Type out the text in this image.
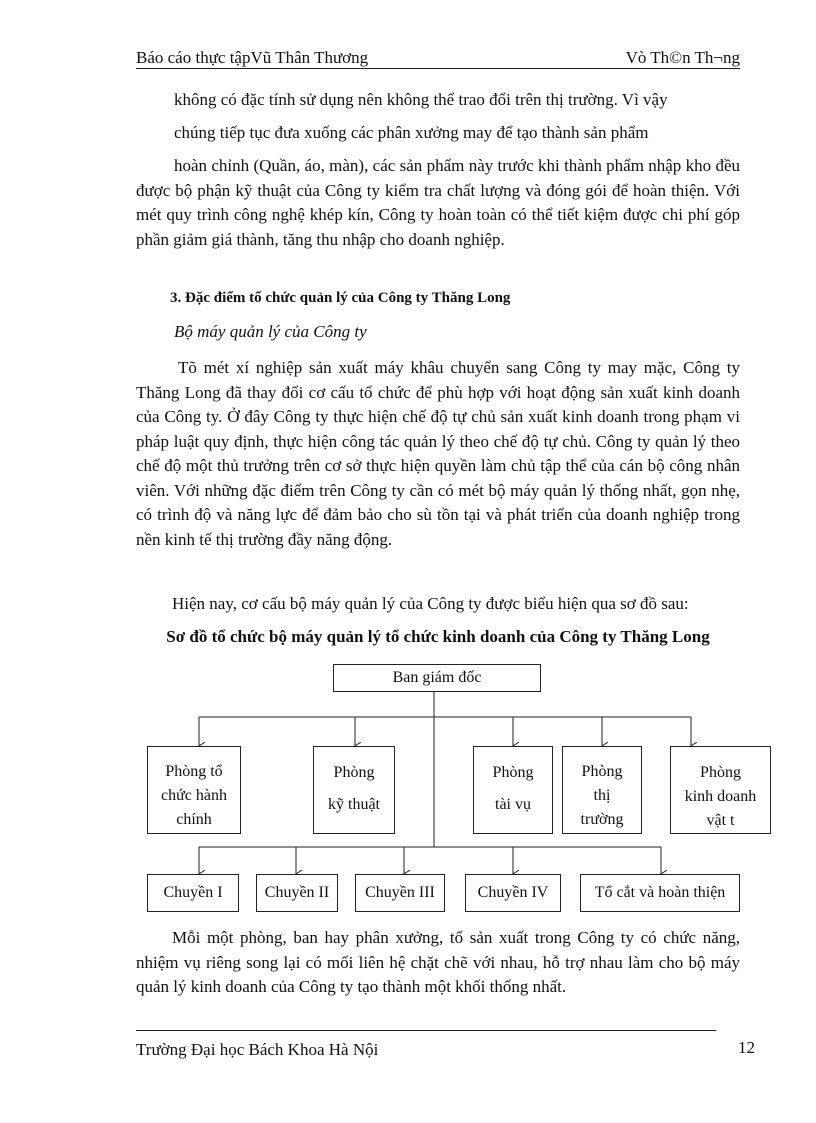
Báo cáo thực tậpVũ Thân Thương	Vò Th©n Th¬ng
không có đặc tính sử dụng nên không thể trao đổi trên thị trường. Vì vậy
chúng tiếp tục đưa xuống các phân xưởng may để tạo thành sản phẩm

hoàn chỉnh (Quần, áo, màn), các sản phẩm này trước khi thành phẩm nhập kho đều được bộ phận kỹ thuật của Công ty kiểm tra chất lượng và đóng gói để hoàn thiện. Với mét quy trình công nghệ khép kín, Công ty hoàn toàn có thể tiết kiệm được chi phí góp phần giảm giá thành, tăng thu nhập cho doanh nghiệp.

3. Đặc điểm tổ chức quản lý của Công ty Thăng Long
Bộ máy quản lý của Công ty

Tõ mét xí nghiệp sản xuất máy khâu chuyển sang Công ty may mặc, Công ty Thăng Long đã thay đổi cơ cấu tổ chức để phù hợp với hoạt động sản xuất kinh doanh của Công ty. Ở đây Công ty thực hiện chế độ tự chủ sản xuất kinh doanh trong phạm vi pháp luật quy định, thực hiện công tác quản lý theo chế độ tự chủ. Công ty quản lý theo chế độ một thủ trưởng trên cơ sở thực hiện quyền làm chủ tập thể của cán bộ công nhân viên. Với những đặc điểm trên Công ty cần có mét bộ máy quản lý thống nhất, gọn nhẹ, có trình độ và năng lực để đảm bảo cho sù tồn tại và phát triển của doanh nghiệp trong nền kinh tế thị trường đầy năng động.

Hiện nay, cơ cấu bộ máy quản lý của Công ty được biểu hiện qua sơ đồ sau:

Sơ đồ tổ chức bộ máy quản lý tổ chức kinh doanh của Công ty Thăng Long
Ban giám đốc
Phòng tổ
chức hành
chính
Phòng
kỹ thuật
Phòng
tài vụ
Phòng
thị
trường
Phòng
kinh doanh
vật t
Chuyền I	Chuyền II	Chuyền III	Chuyền IV	Tổ cắt và hoàn thiện

Mỗi một phòng, ban hay phân xưởng, tổ sản xuất trong Công ty có chức năng, nhiệm vụ riêng song lại có mối liên hệ chặt chẽ với nhau, hỗ trợ nhau làm cho bộ máy quản lý kinh doanh của Công ty tạo thành một khối thống nhất.

Trường Đại học Bách Khoa Hà Nội	12
